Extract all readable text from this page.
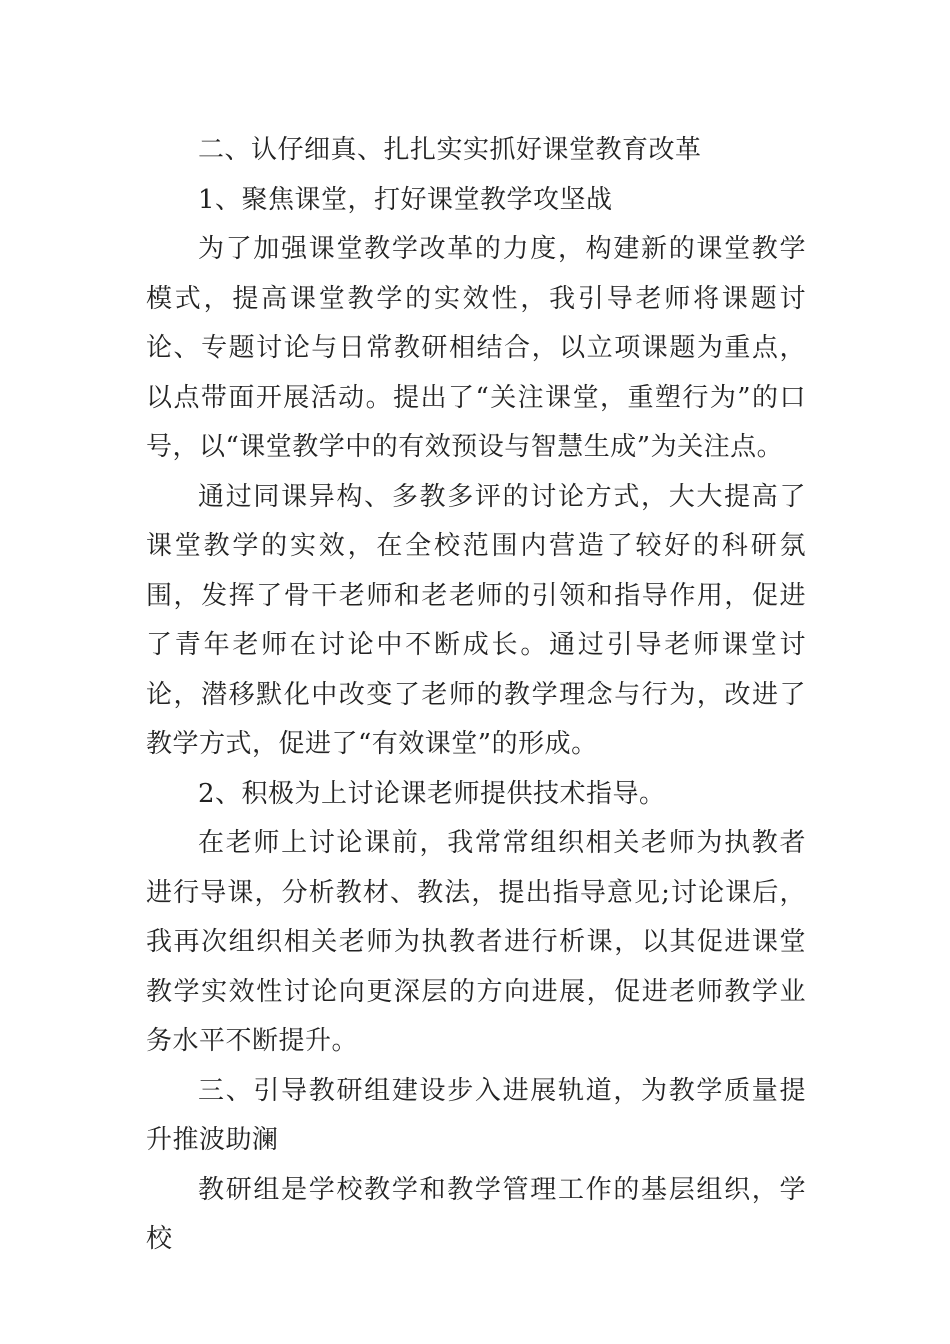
二、认仔细真、扎扎实实抓好课堂教育改革

1、聚焦课堂，打好课堂教学攻坚战

为了加强课堂教学改革的力度，构建新的课堂教学模式，提高课堂教学的实效性，我引导老师将课题讨论、专题讨论与日常教研相结合，以立项课题为重点，以点带面开展活动。提出了“关注课堂，重塑行为”的口号，以“课堂教学中的有效预设与智慧生成”为关注点。

通过同课异构、多教多评的讨论方式，大大提高了课堂教学的实效，在全校范围内营造了较好的科研氛围，发挥了骨干老师和老老师的引领和指导作用，促进了青年老师在讨论中不断成长。通过引导老师课堂讨论，潜移默化中改变了老师的教学理念与行为，改进了教学方式，促进了“有效课堂”的形成。

2、积极为上讨论课老师提供技术指导。

在老师上讨论课前，我常常组织相关老师为执教者进行导课，分析教材、教法，提出指导意见;讨论课后，我再次组织相关老师为执教者进行析课，以其促进课堂教学实效性讨论向更深层的方向进展，促进老师教学业务水平不断提升。

三、引导教研组建设步入进展轨道，为教学质量提升推波助澜

教研组是学校教学和教学管理工作的基层组织，学校
